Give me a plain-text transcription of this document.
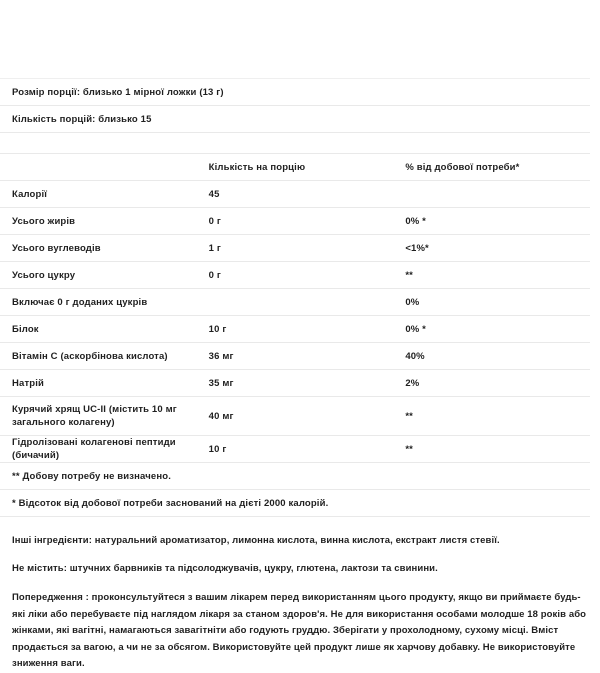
Розмір порції: близько 1 мірної ложки (13 г)		
Кількість порцій: близько 15		

	Кількість на порцію	% від добової потреби*
Калорії	45	
Усього жирів	0 г	0% *
Усього вуглеводів	1 г	<1%*
Усього цукру	0 г	**
Включає 0 г доданих цукрів		0%
Білок	10 г	0% *
Вітамін C (аскорбінова кислота)	36 мг	40%
Натрій	35 мг	2%
Курячий хрящ UC-II (містить 10 мг загального колагену)	40 мг	**
Гідролізовані колагенові пептиди (бичачий)	10 г	**
** Добову потребу не визначено.		
* Відсоток від добової потреби заснований на дієті 2000 калорій.		

Інші інгредієнти: натуральний ароматизатор, лимонна кислота, винна кислота, екстракт листя стевії.

Не містить: штучних барвників та підсолоджувачів, цукру, глютена, лактози та свинини.

Попередження : проконсультуйтеся з вашим лікарем перед використанням цього продукту, якщо ви приймаєте будь-які ліки або перебуваєте під наглядом лікаря за станом здоров'я. Не для використання особами молодше 18 років або жінками, які вагітні, намагаються завагітніти або годують груддю. Зберігати у прохолодному, сухому місці. Вміст продається за вагою, а чи не за обсягом. Використовуйте цей продукт лише як харчову добавку. Не використовуйте зниження ваги.
